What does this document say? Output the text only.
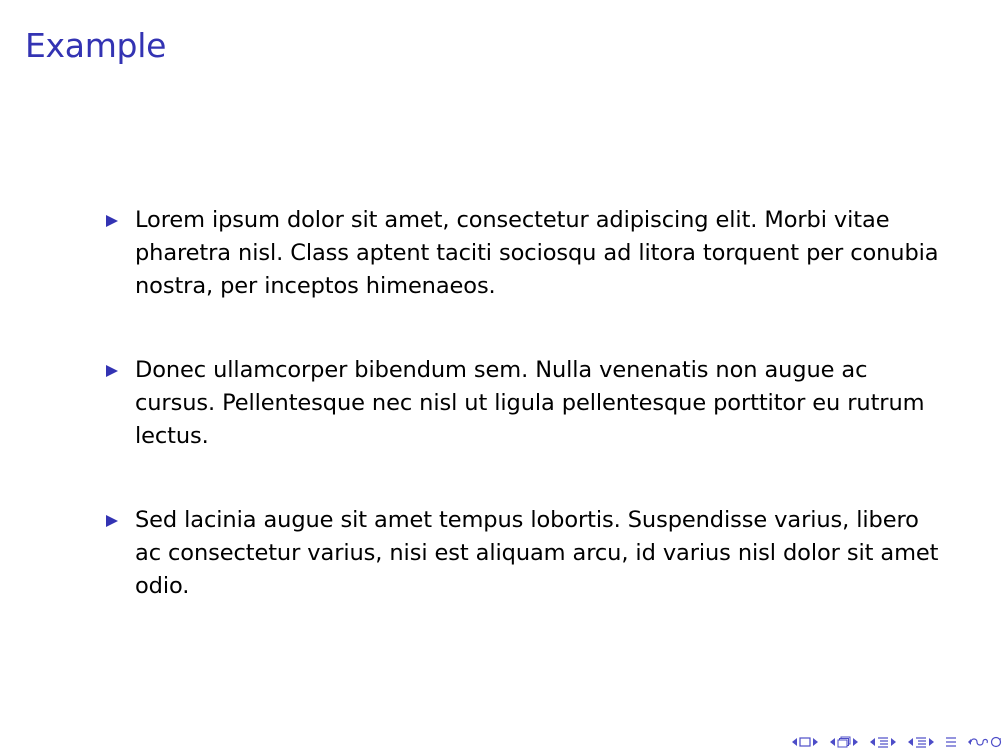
Example
Lorem ipsum dolor sit amet, consectetur adipiscing elit. Morbi vitae pharetra nisl. Class aptent taciti sociosqu ad litora torquent per conubia nostra, per inceptos himenaeos.
Donec ullamcorper bibendum sem. Nulla venenatis non augue ac cursus. Pellentesque nec nisl ut ligula pellentesque porttitor eu rutrum lectus.
Sed lacinia augue sit amet tempus lobortis. Suspendisse varius, libero ac consectetur varius, nisi est aliquam arcu, id varius nisl dolor sit amet odio.
